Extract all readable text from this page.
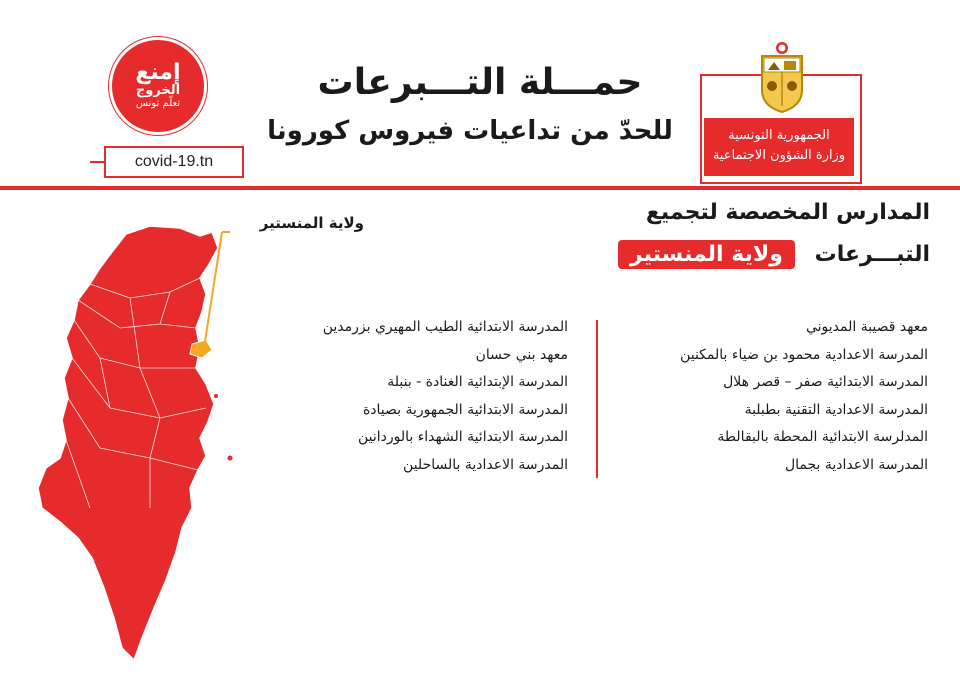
حمـــلة التـــبرعات
للحدّ من تداعيات فيروس كورونا
إمنع
الخروج
تعلّم تونس
covid-19.tn
الجمهورية التونسية
وزارة الشؤون الاجتماعية
المدارس المخصصة لتجميع
التبـــرعات ولاية المنستير
معهد قصيبة المديوني
المدرسة الاعدادية محمود بن ضياء بالمكنين
المدرسة الابتدائية صفر – قصر هلال
المدرسة الاعدادية التقنية بطبلبة
المدلرسة الابتدائية المحطة بالبقالطة
المدرسة الاعدادية بجمال
المدرسة الابتدائية الطيب المهيري بزرمدين
معهد بني حسان
المدرسة الإبتدائية الغنادة - بنبلة
المدرسة الابتدائية الجمهورية بصيادة
المدرسة الابتدائية الشهداء بالوردانين
المدرسة الاعدادية بالساحلين
ولاية المنستير
